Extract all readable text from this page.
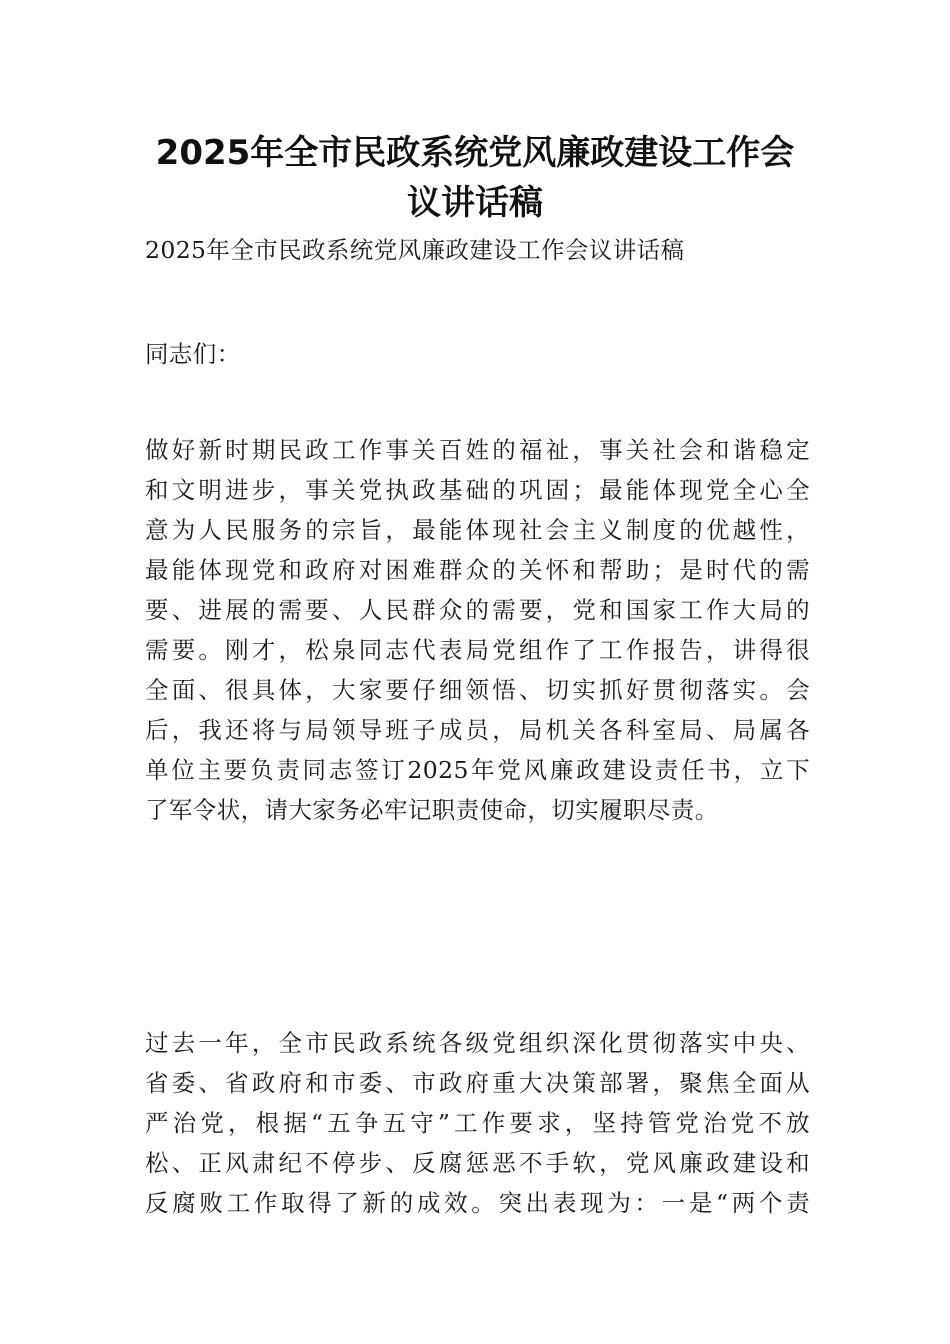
2025年全市民政系统党风廉政建设工作会
议讲话稿
2025年全市民政系统党风廉政建设工作会议讲话稿
同志们：
做好新时期民政工作事关百姓的福祉，事关社会和谐稳定
和文明进步，事关党执政基础的巩固；最能体现党全心全
意为人民服务的宗旨，最能体现社会主义制度的优越性，
最能体现党和政府对困难群众的关怀和帮助；是时代的需
要、进展的需要、人民群众的需要，党和国家工作大局的
需要。刚才，松泉同志代表局党组作了工作报告，讲得很
全面、很具体，大家要仔细领悟、切实抓好贯彻落实。会
后，我还将与局领导班子成员，局机关各科室局、局属各
单位主要负责同志签订2025年党风廉政建设责任书，立下
了军令状，请大家务必牢记职责使命，切实履职尽责。
过去一年，全市民政系统各级党组织深化贯彻落实中央、
省委、省政府和市委、市政府重大决策部署，聚焦全面从
严治党，根据“五争五守”工作要求，坚持管党治党不放
松、正风肃纪不停步、反腐惩恶不手软，党风廉政建设和
反腐败工作取得了新的成效。突出表现为：一是“两个责
